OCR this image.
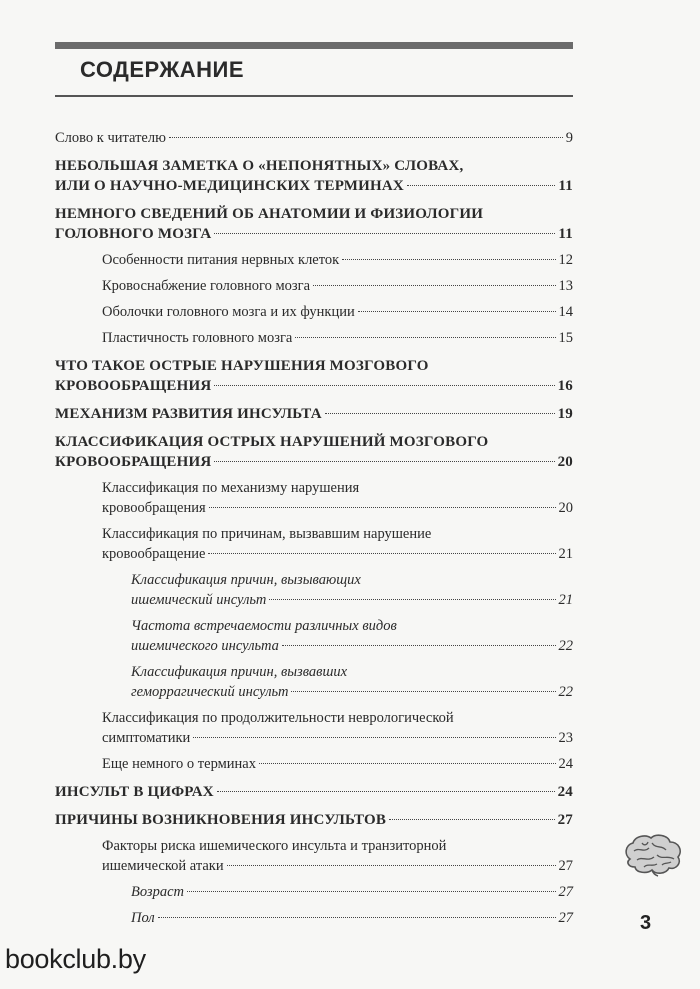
СОДЕРЖАНИЕ
Слово к читателю	9
НЕБОЛЬШАЯ ЗАМЕТКА О «НЕПОНЯТНЫХ» СЛОВАХ,
ИЛИ О НАУЧНО-МЕДИЦИНСКИХ ТЕРМИНАХ	11
НЕМНОГО СВЕДЕНИЙ ОБ АНАТОМИИ И ФИЗИОЛОГИИ
ГОЛОВНОГО МОЗГА	11
Особенности питания нервных клеток	12
Кровоснабжение головного мозга	13
Оболочки головного мозга и их функции	14
Пластичность головного мозга	15
ЧТО ТАКОЕ ОСТРЫЕ НАРУШЕНИЯ МОЗГОВОГО
КРОВООБРАЩЕНИЯ	16
МЕХАНИЗМ РАЗВИТИЯ ИНСУЛЬТА	19
КЛАССИФИКАЦИЯ ОСТРЫХ НАРУШЕНИЙ МОЗГОВОГО
КРОВООБРАЩЕНИЯ	20
Классификация по механизму нарушения
кровообращения	20
Классификация по причинам, вызвавшим нарушение
кровообращение	21
Классификация причин, вызывающих
ишемический инсульт	21
Частота встречаемости различных видов
ишемического инсульта	22
Классификация причин, вызвавших
геморрагический инсульт	22
Классификация по продолжительности неврологической
симптоматики	23
Еще немного о терминах	24
ИНСУЛЬТ В ЦИФРАХ	24
ПРИЧИНЫ ВОЗНИКНОВЕНИЯ ИНСУЛЬТОВ	27
Факторы риска ишемического инсульта и транзиторной
ишемической атаки	27
Возраст	27
Пол	27	3
bookclub.by
